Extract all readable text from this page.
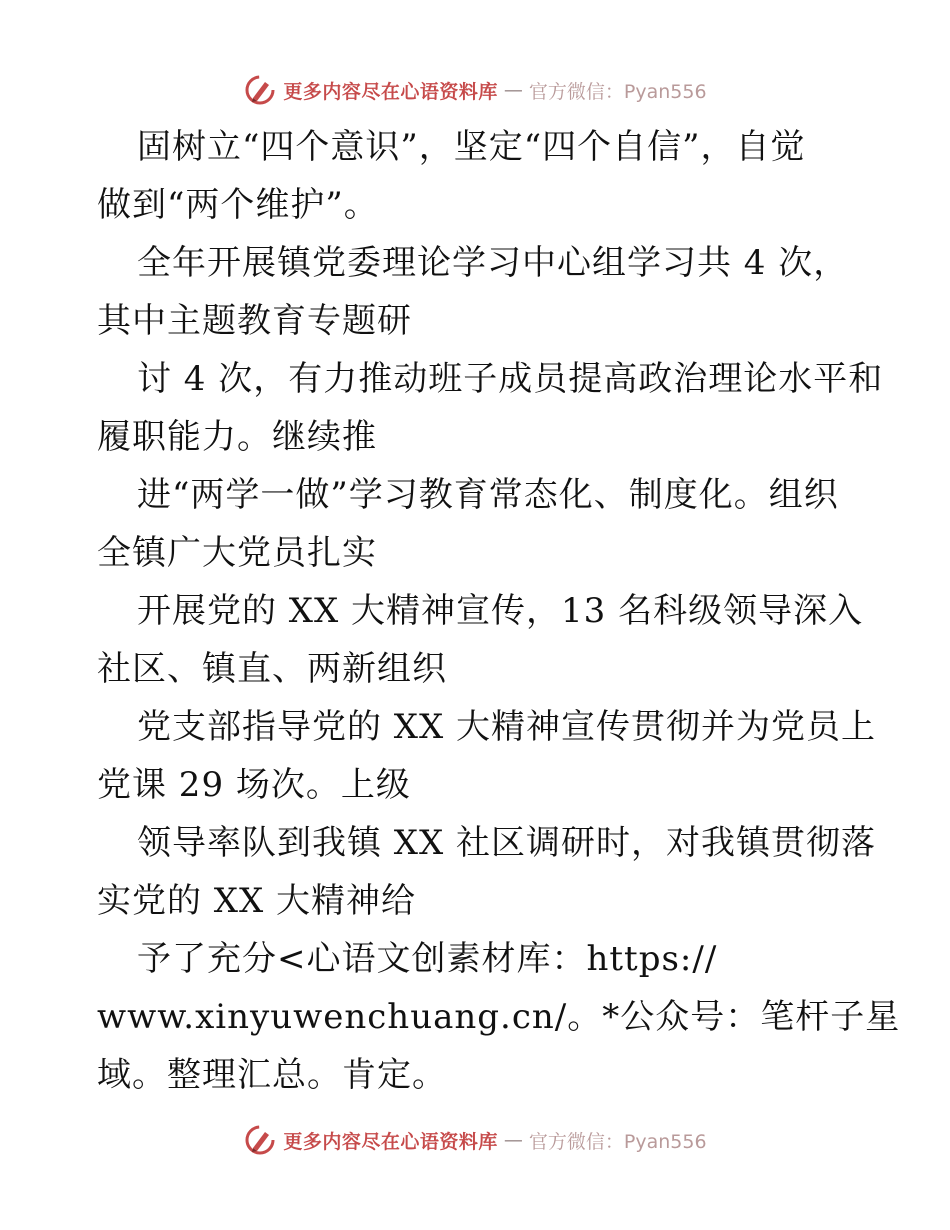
更多内容尽在心语资料库 — 官方微信：Pyan556
固树立“四个意识”，坚定“四个自信”，自觉
做到“两个维护”。
全年开展镇党委理论学习中心组学习共 4 次，
其中主题教育专题研
讨 4 次，有力推动班子成员提高政治理论水平和
履职能力。继续推
进“两学一做”学习教育常态化、制度化。组织
全镇广大党员扎实
开展党的 XX 大精神宣传，13 名科级领导深入
社区、镇直、两新组织
党支部指导党的 XX 大精神宣传贯彻并为党员上
党课 29 场次。上级
领导率队到我镇 XX 社区调研时，对我镇贯彻落
实党的 XX 大精神给
予了充分<心语文创素材库：https://
www.xinyuwenchuang.cn/。*公众号：笔杆子星
域。整理汇总。肯定。
更多内容尽在心语资料库 — 官方微信：Pyan556
